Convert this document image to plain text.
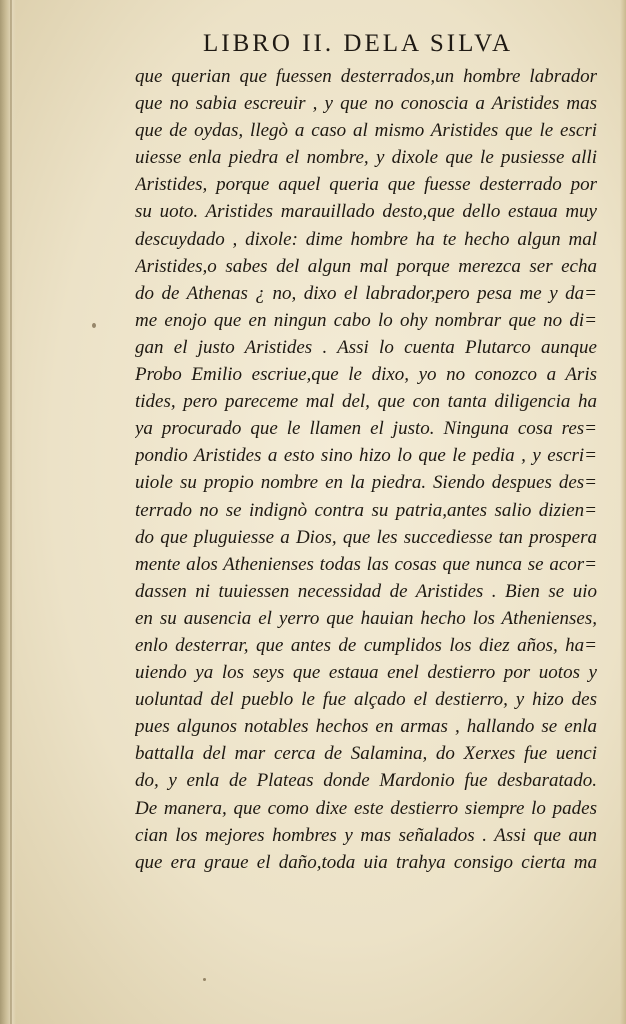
LIBRO II. DELA SILVA
que querian que fuessen desterrados,un hombre labrador
que no sabia escreuir , y que no conoscia a Aristides mas
que de oydas, llegò a caso al mismo Aristides que le escri
uiesse enla piedra el nombre, y dixole que le pusiesse alli
Aristides, porque aquel queria que fuesse desterrado por
su uoto. Aristides marauillado desto,que dello estaua muy
descuydado , dixole: dime hombre ha te hecho algun mal
Aristides,o sabes del algun mal porque merezca ser echa
do de Athenas ¿ no, dixo el labrador,pero pesa me y da=
me enojo que en ningun cabo lo ohy nombrar que no di=
gan el justo Aristides . Assi lo cuenta Plutarco aunque
Probo Emilio escriue,que le dixo, yo no conozco a Aris
tides, pero pareceme mal del, que con tanta diligencia ha
ya procurado que le llamen el justo. Ninguna cosa res=
pondio Aristides a esto sino hizo lo que le pedia , y escri=
uiole su propio nombre en la piedra. Siendo despues des=
terrado no se indignò contra su patria,antes salio dizien=
do que pluguiesse a Dios, que les succediesse tan prospera
mente alos Athenienses todas las cosas que nunca se acor=
dassen ni tuuiessen necessidad de Aristides . Bien se uio
en su ausencia el yerro que hauian hecho los Athenienses,
enlo desterrar, que antes de cumplidos los diez años, ha=
uiendo ya los seys que estaua enel destierro por uotos y
uoluntad del pueblo le fue alçado el destierro, y hizo des
pues algunos notables hechos en armas , hallando se enla
battalla del mar cerca de Salamina, do Xerxes fue uenci
do, y enla de Plateas donde Mardonio fue desbaratado.
De manera, que como dixe este destierro siempre lo pades
cian los mejores hombres y mas señalados . Assi que aun
que era graue el daño,toda uia trahya consigo cierta ma
